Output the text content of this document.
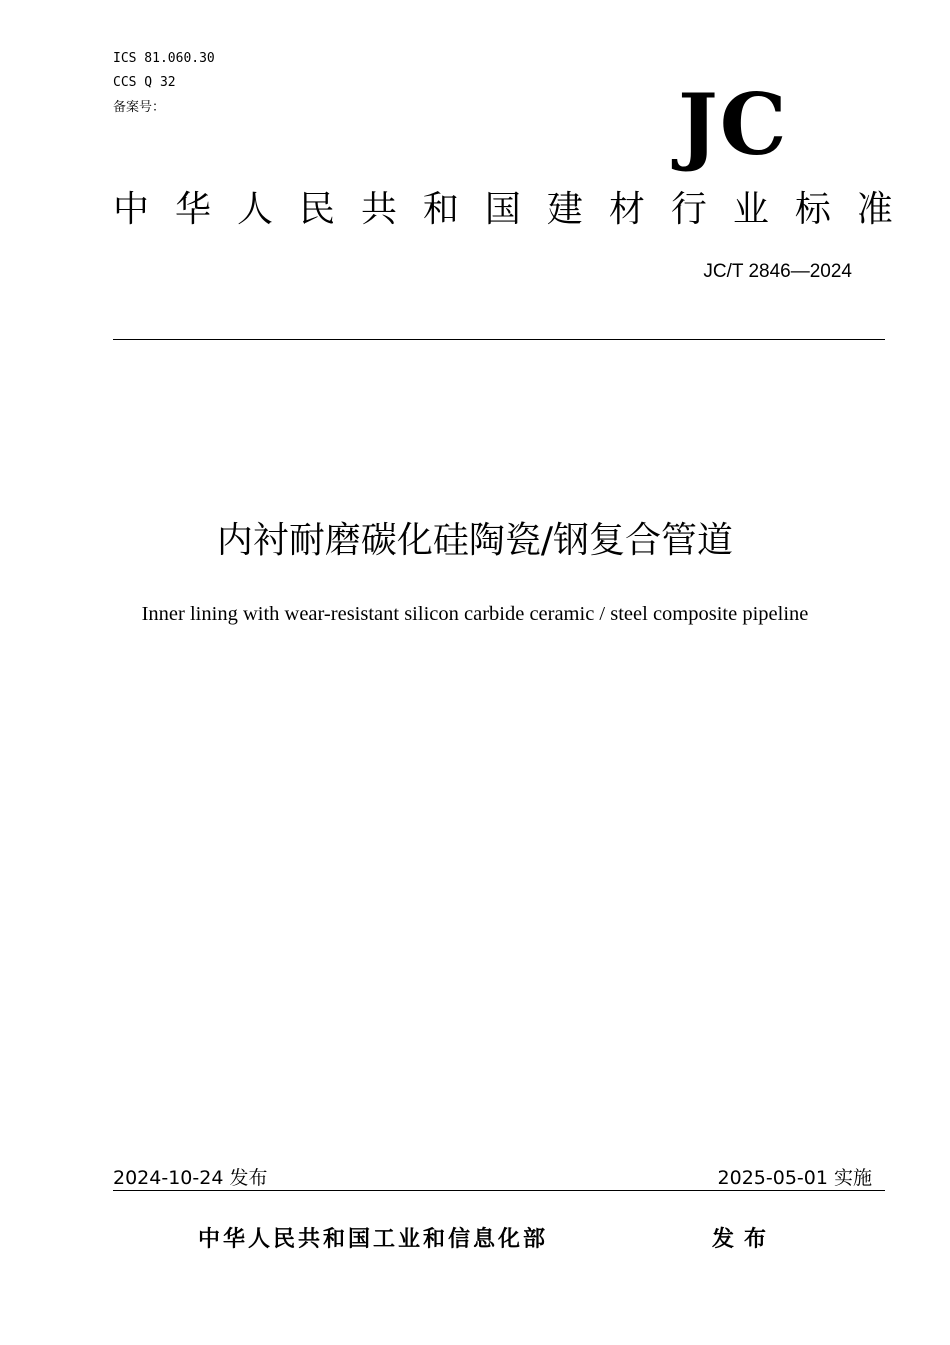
ICS 81.060.30
CCS Q 32
备案号：	JC
中 华 人 民 共 和 国 建 材 行 业 标 准
JC/T 2846—2024
内衬耐磨碳化硅陶瓷/钢复合管道
Inner lining with wear-resistant silicon carbide ceramic / steel composite pipeline
2024-10-24 发布	2025-05-01 实施
中华人民共和国工业和信息化部	发布
